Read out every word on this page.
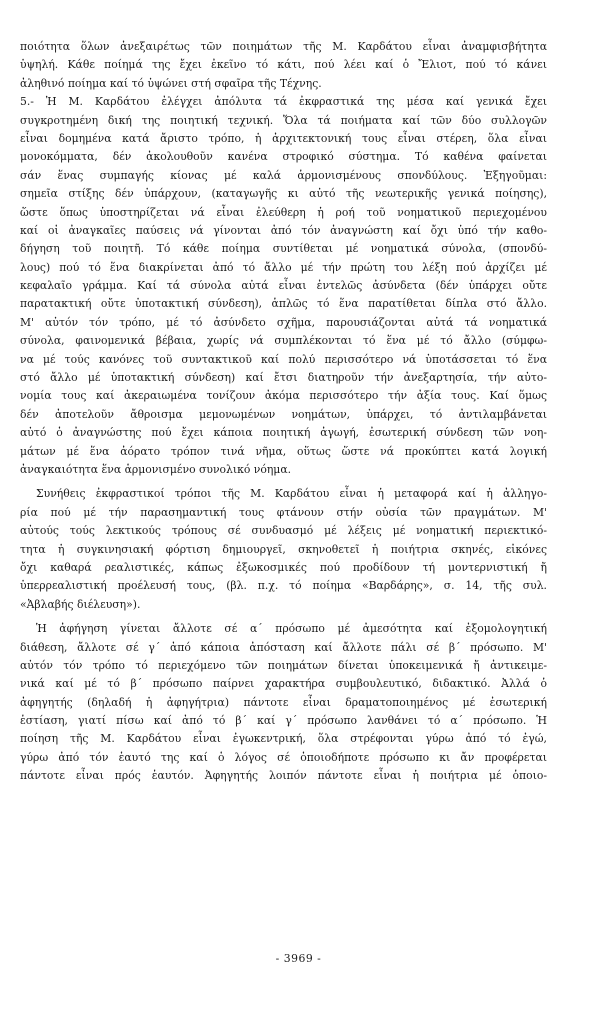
ποιότητα ὅλων ἀνεξαιρέτως τῶν ποιημάτων τῆς Μ. Καρδάτου εἶναι ἀναμφισβήτητα
ὑψηλή. Κάθε ποίημά της ἔχει ἐκεῖνο τό κάτι, πού λέει καί ὁ Ἔλιοτ, πού τό κάνει
ἀληθινό ποίημα καί τό ὑψώνει στή σφαῖρα τῆς Τέχνης.
5.- Ἡ Μ. Καρδάτου ἐλέγχει ἀπόλυτα τά ἐκφραστικά της μέσα καί γενικά ἔχει
συγκροτημένη δική της ποιητική τεχνική. Ὅλα τά ποιήματα καί τῶν δύο συλλογῶν
εἶναι δομημένα κατά ἄριστο τρόπο, ἡ ἀρχιτεκτονική τους εἶναι στέρεη, ὅλα εἶναι
μονοκόμματα, δέν ἀκολουθοῦν κανένα στροφικό σύστημα. Τό καθένα φαίνεται
σάν ἕνας συμπαγής κίονας μέ καλά ἁρμονισμένους σπονδύλους. Ἐξηγοῦμαι:
σημεῖα στίξης δέν ὑπάρχουν, (καταγωγῆς κι αὐτό τῆς νεωτερικῆς γενικά ποίησης),
ὥστε ὅπως ὑποστηρίζεται νά εἶναι ἐλεύθερη ἡ ροή τοῦ νοηματικοῦ περιεχομένου
καί οἱ ἀναγκαῖες παύσεις νά γίνονται ἀπό τόν ἀναγνώστη καί ὄχι ὑπό τήν καθο-
δήγηση τοῦ ποιητῆ. Τό κάθε ποίημα συντίθεται μέ νοηματικά σύνολα, (σπονδύ-
λους) πού τό ἕνα διακρίνεται ἀπό τό ἄλλο μέ τήν πρώτη του λέξη πού ἀρχίζει μέ
κεφαλαῖο γράμμα. Καί τά σύνολα αὐτά εἶναι ἐντελῶς ἀσύνδετα (δέν ὑπάρχει οὔτε
παρατακτική οὔτε ὑποτακτική σύνδεση), ἁπλῶς τό ἕνα παρατίθεται δίπλα στό ἄλλο.
Μ' αὐτόν τόν τρόπο, μέ τό ἀσύνδετο σχῆμα, παρουσιάζονται αὐτά τά νοηματικά
σύνολα, φαινομενικά βέβαια, χωρίς νά συμπλέκονται τό ἕνα μέ τό ἄλλο (σύμφω-
να μέ τούς κανόνες τοῦ συντακτικοῦ καί πολύ περισσότερο νά ὑποτάσσεται τό ἕνα
στό ἄλλο μέ ὑποτακτική σύνδεση) καί ἔτσι διατηροῦν τήν ἀνεξαρτησία, τήν αὐτο-
νομία τους καί ἀκεραιωμένα τονίζουν ἀκόμα περισσότερο τήν ἀξία τους. Καί ὅμως
δέν ἀποτελοῦν ἄθροισμα μεμονωμένων νοημάτων, ὑπάρχει, τό ἀντιλαμβάνεται
αὐτό ὁ ἀναγνώστης πού ἔχει κάποια ποιητική ἀγωγή, ἐσωτερική σύνδεση τῶν νοη-
μάτων μέ ἕνα ἀόρατο τρόπον τινά νῆμα, οὕτως ὥστε νά προκύπτει κατά λογική
ἀναγκαιότητα ἕνα ἁρμονισμένο συνολικό νόημα.
Συνήθεις ἐκφραστικοί τρόποι τῆς Μ. Καρδάτου εἶναι ἡ μεταφορά καί ἡ ἀλληγο-
ρία πού μέ τήν παρασημαντική τους φτάνουν στήν οὐσία τῶν πραγμάτων. Μ'
αὐτούς τούς λεκτικούς τρόπους σέ συνδυασμό μέ λέξεις μέ νοηματική περιεκτικό-
τητα ἡ συγκινησιακή φόρτιση δημιουργεῖ, σκηνοθετεῖ ἡ ποιήτρια σκηνές, εἰκόνες
ὄχι καθαρά ρεαλιστικές, κάπως ἐξωκοσμικές πού προδίδουν τή μοντερνιστική ἤ
ὑπερρεαλιστική προέλευσή τους, (βλ. π.χ. τό ποίημα «Βαρδάρης», σ. 14, τῆς συλ.
«Ἀβλαβής διέλευση»).
Ἡ ἀφήγηση γίνεται ἄλλοτε σέ α΄ πρόσωπο μέ ἀμεσότητα καί ἐξομολογητική
διάθεση, ἄλλοτε σέ γ΄ ἀπό κάποια ἀπόσταση καί ἄλλοτε πάλι σέ β΄ πρόσωπο. Μ'
αὐτόν τόν τρόπο τό περιεχόμενο τῶν ποιημάτων δίνεται ὑποκειμενικά ἤ ἀντικειμε-
νικά καί μέ τό β΄ πρόσωπο παίρνει χαρακτήρα συμβουλευτικό, διδακτικό. Ἀλλά ὁ
ἀφηγητής (δηλαδή ἡ ἀφηγήτρια) πάντοτε εἶναι δραματοποιημένος μέ ἐσωτερική
ἑστίαση, γιατί πίσω καί ἀπό τό β΄ καί γ΄ πρόσωπο λανθάνει τό α΄ πρόσωπο. Ἡ
ποίηση τῆς Μ. Καρδάτου εἶναι ἐγωκεντρική, ὅλα στρέφονται γύρω ἀπό τό ἐγώ,
γύρω ἀπό τόν ἑαυτό της καί ὁ λόγος σέ ὁποιοδήποτε πρόσωπο κι ἄν προφέρεται
πάντοτε εἶναι πρός ἑαυτόν. Ἀφηγητής λοιπόν πάντοτε εἶναι ἡ ποιήτρια μέ ὁποιο-
- 3969 -
